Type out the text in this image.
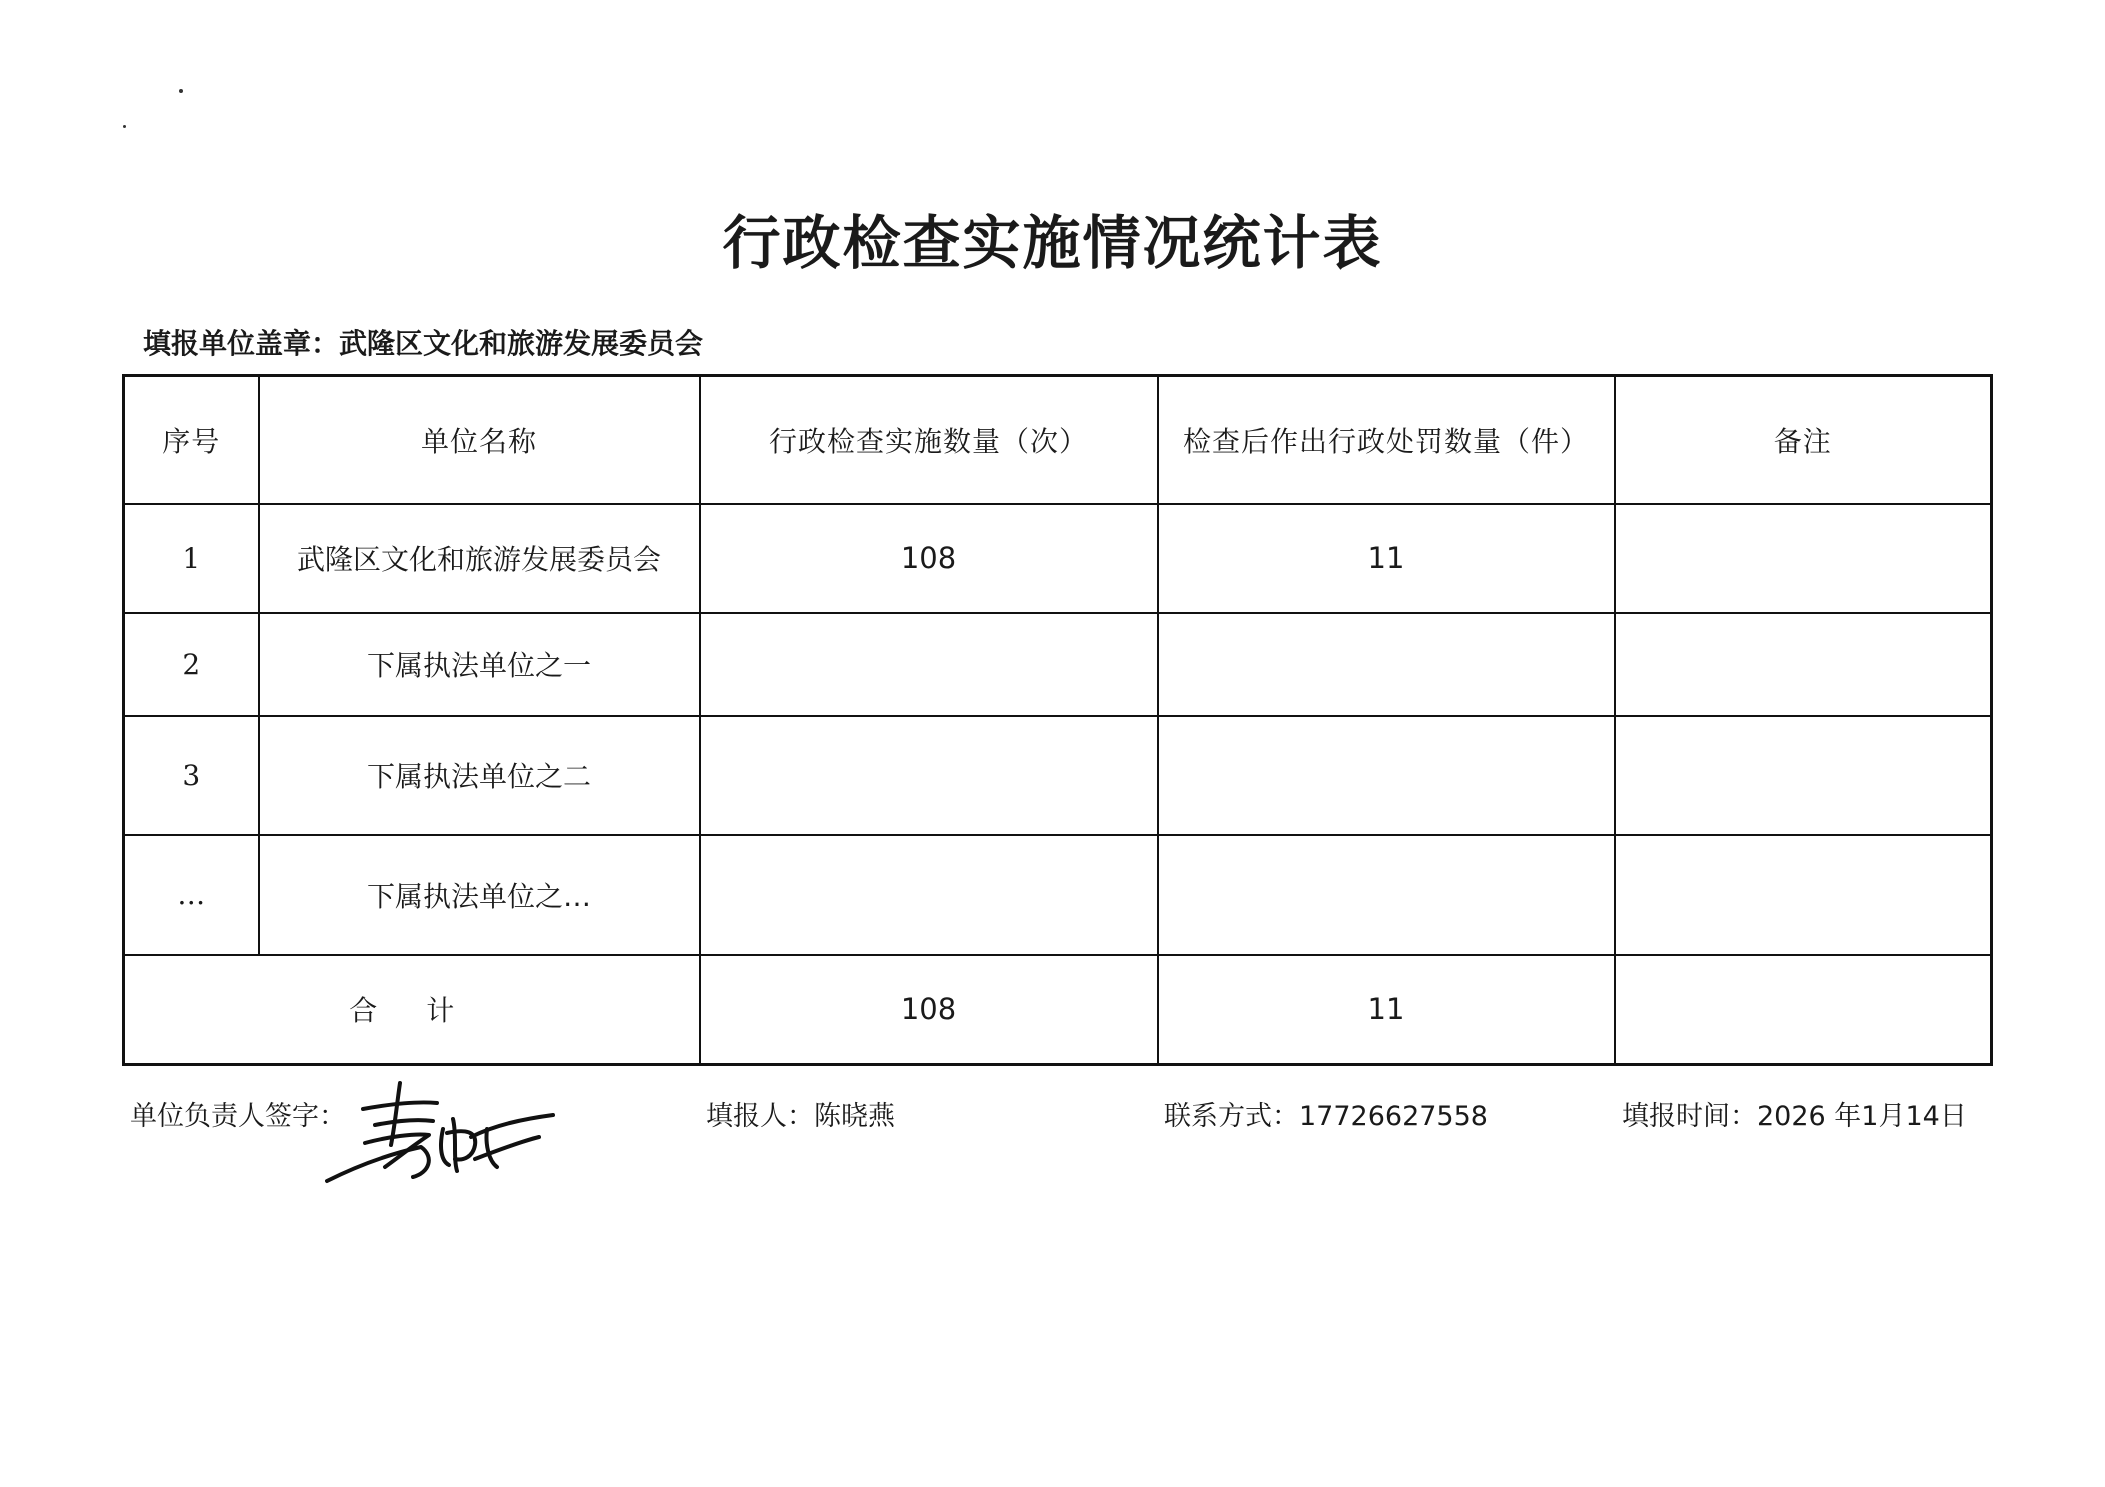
行政检查实施情况统计表
填报单位盖章：武隆区文化和旅游发展委员会
序号	单位名称	行政检查实施数量（次）	检查后作出行政处罚数量（件）	备注
1	武隆区文化和旅游发展委员会	108	11	
2	下属执法单位之一			
3	下属执法单位之二			
…	下属执法单位之…			
合 计		108	11	
单位负责人签字：	填报人：陈晓燕	联系方式：17726627558	填报时间：2026 年1月14日
